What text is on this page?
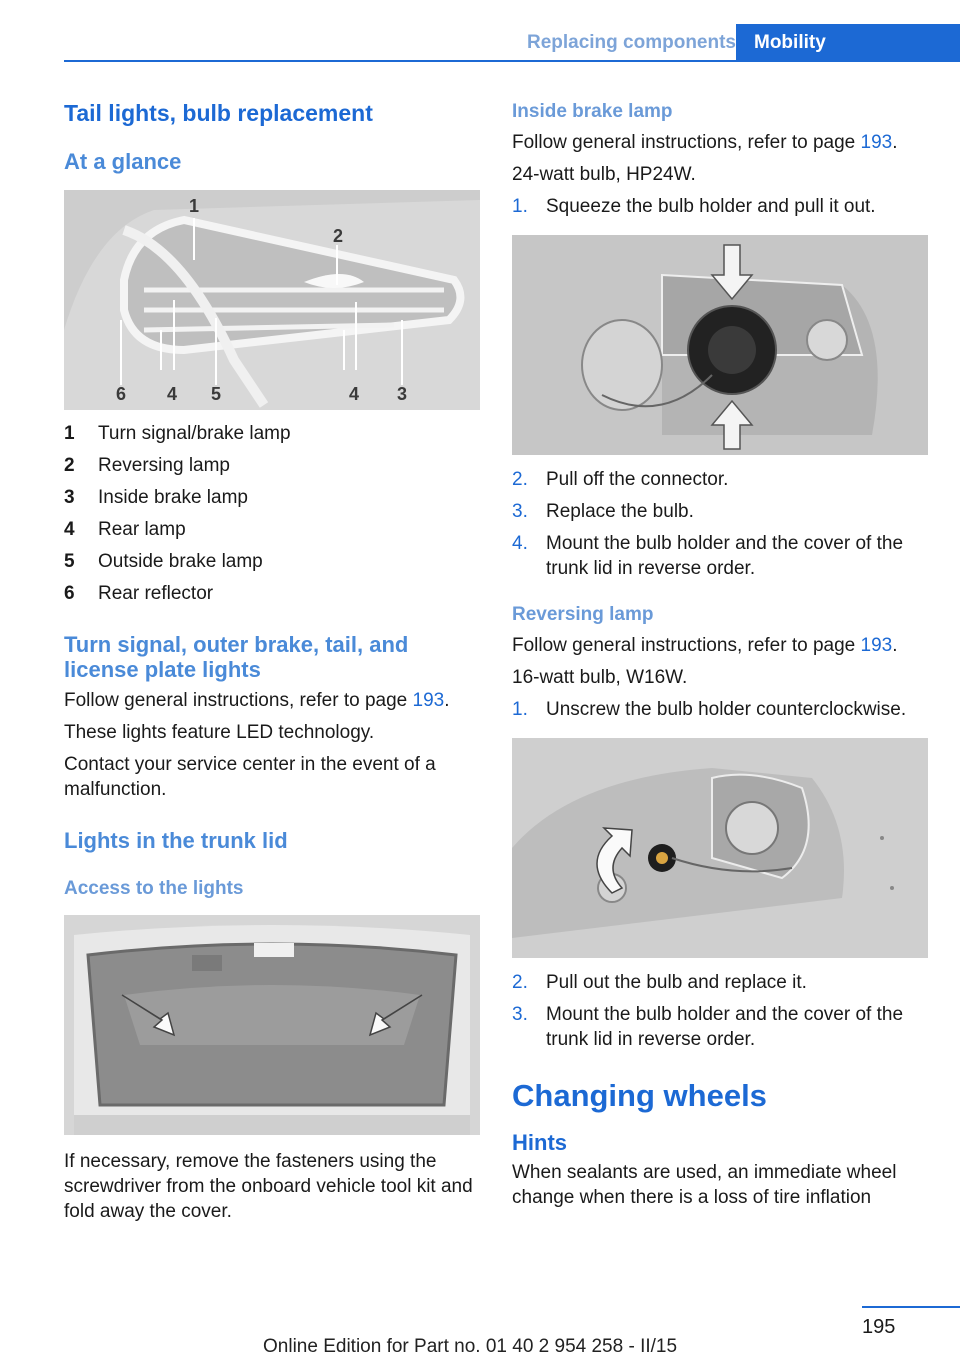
Replacing components Mobility
Tail lights, bulb replacement
At a glance
1
2
6 4 5	4 3
1	Turn signal/brake lamp
2	Reversing lamp
3	Inside brake lamp
4	Rear lamp
5	Outside brake lamp
6	Rear reflector
Turn signal, outer brake, tail, and license plate lights

Follow general instructions, refer to page 193.

These lights feature LED technology.

Contact your service center in the event of a malfunction.

Lights in the trunk lid
Access to the lights

If necessary, remove the fasteners using the screwdriver from the onboard vehicle tool kit and fold away the cover.

Inside brake lamp

Follow general instructions, refer to page 193.

24-watt bulb, HP24W.

1. Squeeze the bulb holder and pull it out.
2. Pull off the connector.
3. Replace the bulb.
4. Mount the bulb holder and the cover of the trunk lid in reverse order.
Reversing lamp

Follow general instructions, refer to page 193.

16-watt bulb, W16W.

1. Unscrew the bulb holder counterclockwise.
2. Pull out the bulb and replace it.
3. Mount the bulb holder and the cover of the trunk lid in reverse order.
Changing wheels
Hints

When sealants are used, an immediate wheel change when there is a loss of tire inflation

195
Online Edition for Part no. 01 40 2 954 258 - II/15
